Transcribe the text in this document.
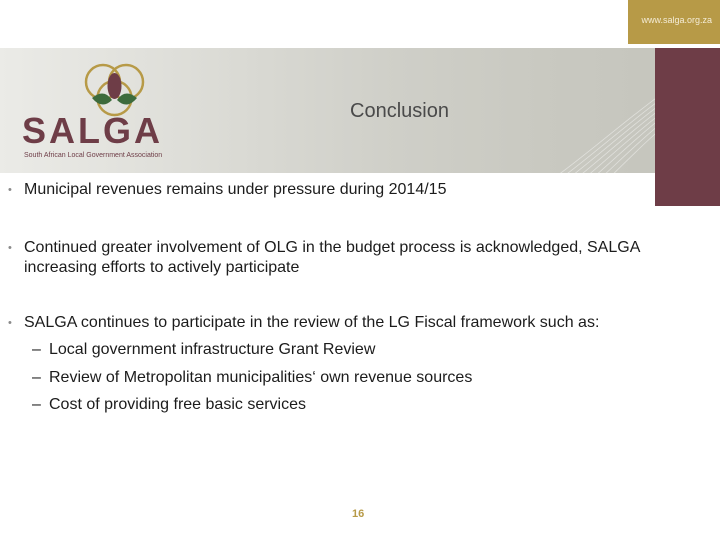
www.salga.org.za
Conclusion
SALGA
South African Local Government Association
• Municipal revenues remains under pressure during 2014/15
• Continued greater involvement of OLG in the budget process is acknowledged, SALGA increasing efforts to actively participate
• SALGA continues to participate in the review of the LG Fiscal framework such as:
– Local government infrastructure Grant Review
– Review of Metropolitan municipalities‘ own revenue sources
– Cost of providing free basic services
16
